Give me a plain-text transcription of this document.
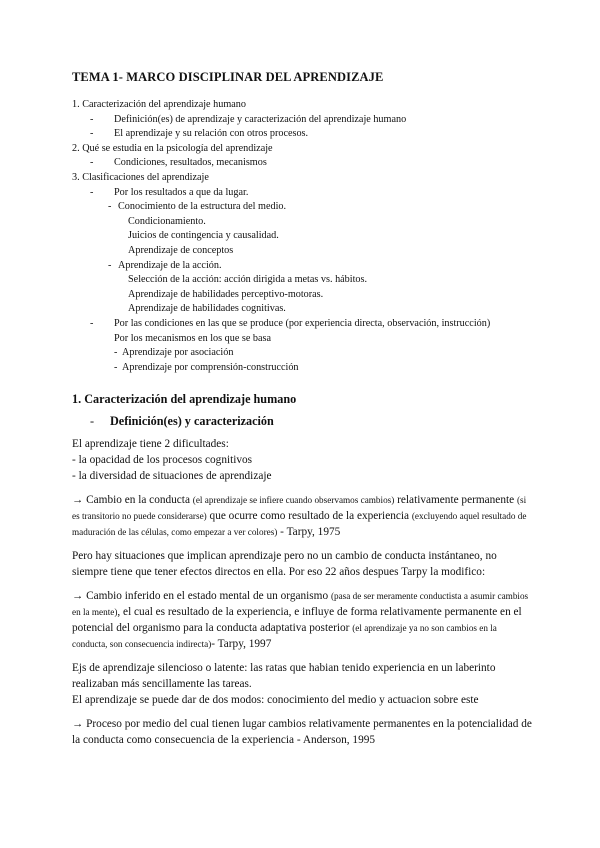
TEMA 1- MARCO DISCIPLINAR DEL APRENDIZAJE
1. Caracterización del aprendizaje humano
- Definición(es) de aprendizaje y caracterización del aprendizaje humano
- El aprendizaje y su relación con otros procesos.
2. Qué se estudia en la psicología del aprendizaje
- Condiciones, resultados, mecanismos
3. Clasificaciones del aprendizaje
- Por los resultados a que da lugar.
- Conocimiento de la estructura del medio.
Condicionamiento.
Juicios de contingencia y causalidad.
Aprendizaje de conceptos
- Aprendizaje de la acción.
Selección de la acción: acción dirigida a metas vs. hábitos.
Aprendizaje de habilidades perceptivo-motoras.
Aprendizaje de habilidades cognitivas.
- Por las condiciones en las que se produce (por experiencia directa, observación, instrucción)
Por los mecanismos en los que se basa
- Aprendizaje por asociación
- Aprendizaje por comprensión-construcción
1. Caracterización del aprendizaje humano
- Definición(es) y caracterización

El aprendizaje tiene 2 dificultades:
- la opacidad de los procesos cognitivos
- la diversidad de situaciones de aprendizaje

→ Cambio en la conducta (el aprendizaje se infiere cuando observamos cambios) relativamente permanente (si es transitorio no puede considerarse) que ocurre como resultado de la experiencia (excluyendo aquel resultado de maduración de las células, como empezar a ver colores) - Tarpy, 1975

Pero hay situaciones que implican aprendizaje pero no un cambio de conducta instántaneo, no siempre tiene que tener efectos directos en ella. Por eso 22 años despues Tarpy la modifico:

→ Cambio inferido en el estado mental de un organismo (pasa de ser meramente conductista a asumir cambios en la mente), el cual es resultado de la experiencia, e influye de forma relativamente permanente en el potencial del organismo para la conducta adaptativa posterior (el aprendizaje ya no son cambios en la conducta, son consecuencia indirecta)- Tarpy, 1997

Ejs de aprendizaje silencioso o latente: las ratas que habian tenido experiencia en un laberinto realizaban más sencillamente las tareas.

El aprendizaje se puede dar de dos modos: conocimiento del medio y actuacion sobre este

→ Proceso por medio del cual tienen lugar cambios relativamente permanentes en la potencialidad de la conducta como consecuencia de la experiencia - Anderson, 1995
